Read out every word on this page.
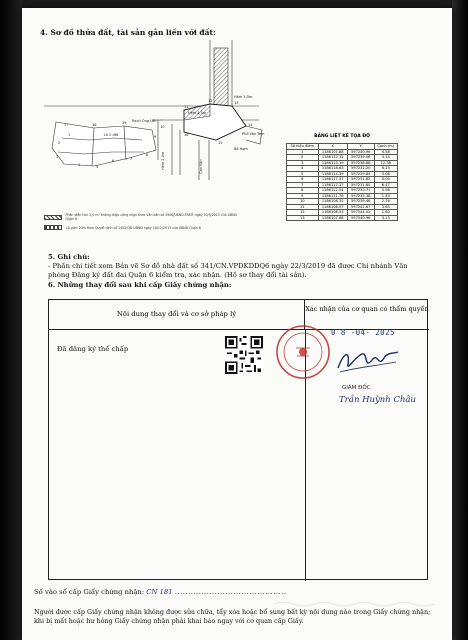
4. Sơ đồ thửa đất, tài sản gắn liền với đất:
Lô 2 đất
Rạch Ông Lớn
Hẻm 3,0m
Phố Vân Tâm
Hẻm 4,5m
Hẻm 2,0m	Cao Văn
Bà Hom
1
2
3
4	5
6	7
8
9
10
11
12	13
14
15
16
17	18	19
BẢNG LIỆT KÊ TỌA ĐỘ
Số hiệu điểm	X	Y	Cạnh (m)
1	1186107.88	597240.96	4.58
2	1186112.12	597239.06	3.14
3	1186115.19	597238.88	12.38
4	1186118.63	597232.20	6.25
5	1186114.39	597229.84	3.08
6	1186117.37	597231.82	0.04
7	1186117.37	597231.85	6.47
8	1186112.54	597233.71	5.98
9	1186111.76	597235.38	1.43
10	1186108.32	597239.46	2.76
11	1186108.97	597241.67	3.65
12	1186108.53	597244.02	1.60
13	1186107.88	597240.96	3.13
Phần diện tích 2,0 m² không được công nhận theo Văn bản số 3906/UBND-TNMT ngày 10/5/2012 của UBND Quận 6
Lộ giới: 20m theo Quyết định số 1402/QĐ-UBND ngày 18/12/2013 của UBND Quận 6
5. Ghi chú:
- Phần chi tiết xem Bản vẽ Sơ đồ nhà đất số 341/CN.VPDKDDQ6 ngày 22/3/2019 đã được Chi nhánh Văn phòng Đăng ký đất đai Quận 6 kiểm tra, xác nhận. (Hồ sơ thay đổi tài sản).
6. Những thay đổi sau khi cấp Giấy chứng nhận:
Nội dung thay đổi và cơ sở pháp lý
Xác nhận của cơ quan có thẩm quyền
Đã đăng ký thế chấp
0 8 -04- 2025
GIÁM ĐỐC
Trần Huỳnh Châu
Số vào sổ cấp Giấy chứng nhận: CN 181 ..........................................
Người được cấp Giấy chứng nhận không được sửa chữa, tẩy xóa hoặc bổ sung bất kỳ nội dung nào trong Giấy chứng nhận; khi bị mất hoặc hư hỏng Giấy chứng nhận phải khai báo ngay với cơ quan cấp Giấy.
